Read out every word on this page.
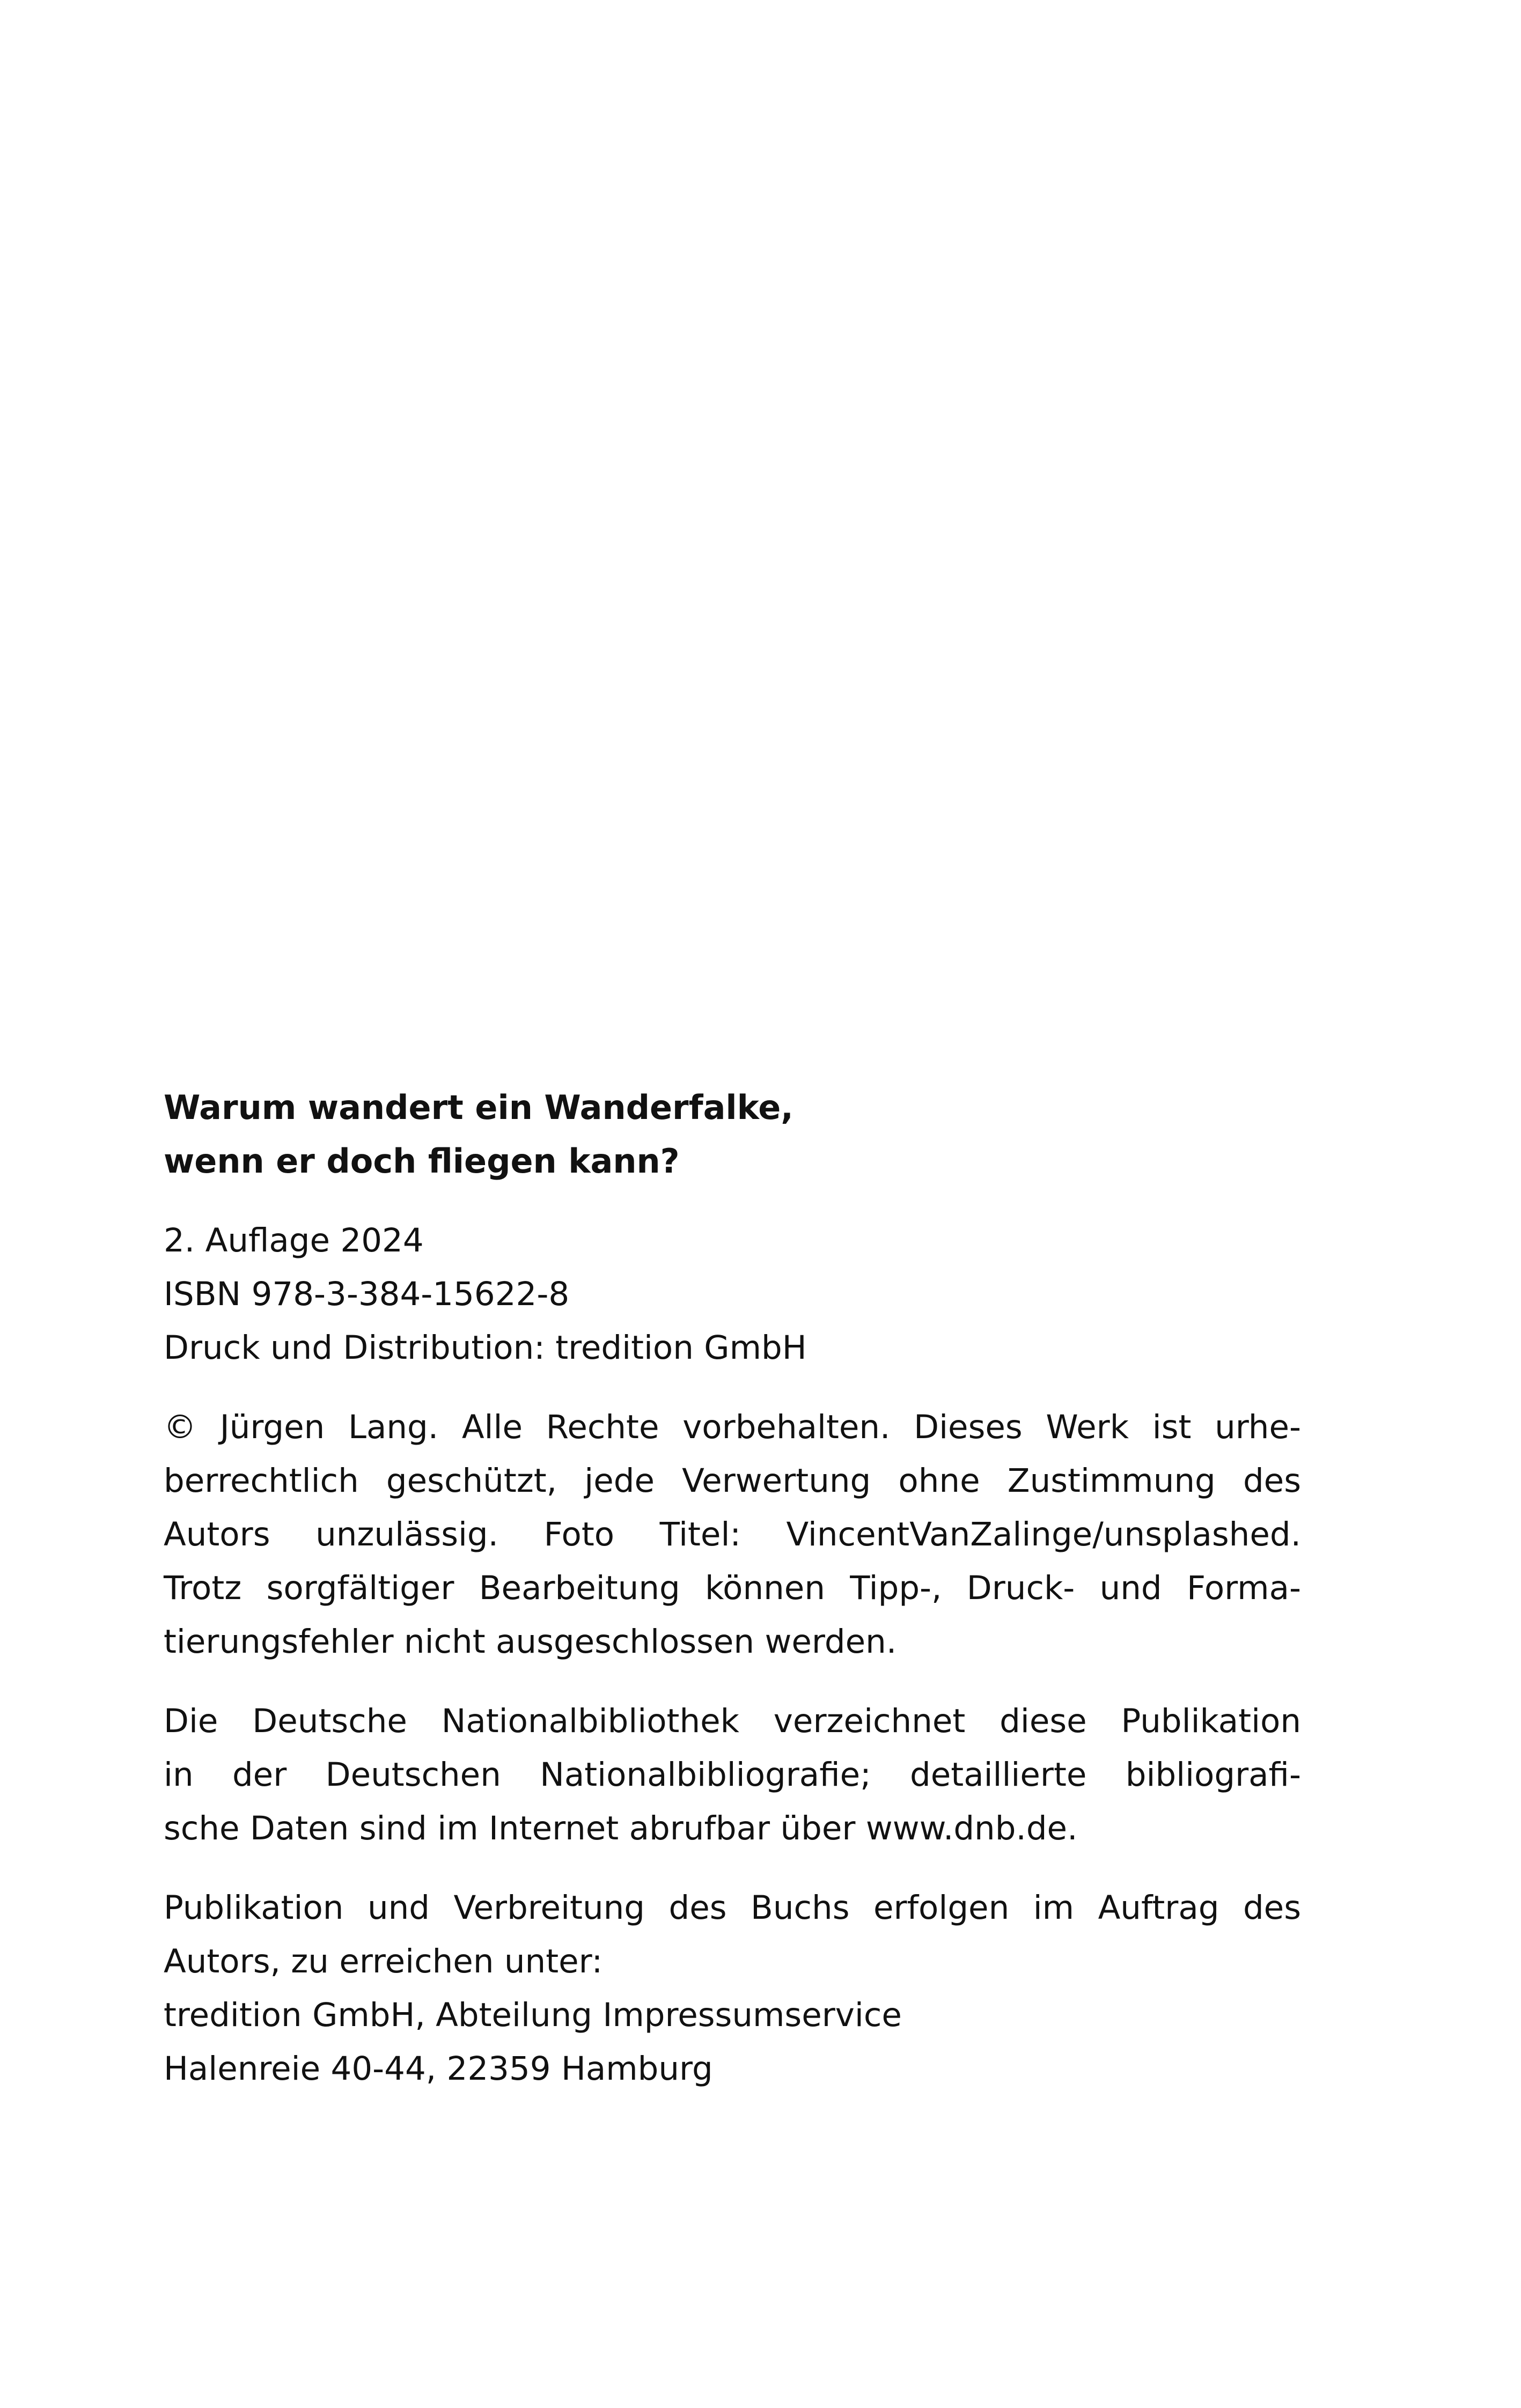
Warum wandert ein Wanderfalke,
wenn er doch fliegen kann?
2. Auflage 2024
ISBN 978-3-384-15622-8
Druck und Distribution: tredition GmbH
© Jürgen Lang. Alle Rechte vorbehalten. Dieses Werk ist urhe-
berrechtlich geschützt, jede Verwertung ohne Zustimmung des
Autors unzulässig. Foto Titel: VincentVanZalinge/unsplashed.
Trotz sorgfältiger Bearbeitung können Tipp-, Druck- und Forma-
tierungsfehler nicht ausgeschlossen werden.
Die Deutsche Nationalbibliothek verzeichnet diese Publikation
in der Deutschen Nationalbibliografie; detaillierte bibliografi-
sche Daten sind im Internet abrufbar über www.dnb.de.
Publikation und Verbreitung des Buchs erfolgen im Auftrag des
Autors, zu erreichen unter:
tredition GmbH, Abteilung Impressumservice
Halenreie 40-44, 22359 Hamburg
